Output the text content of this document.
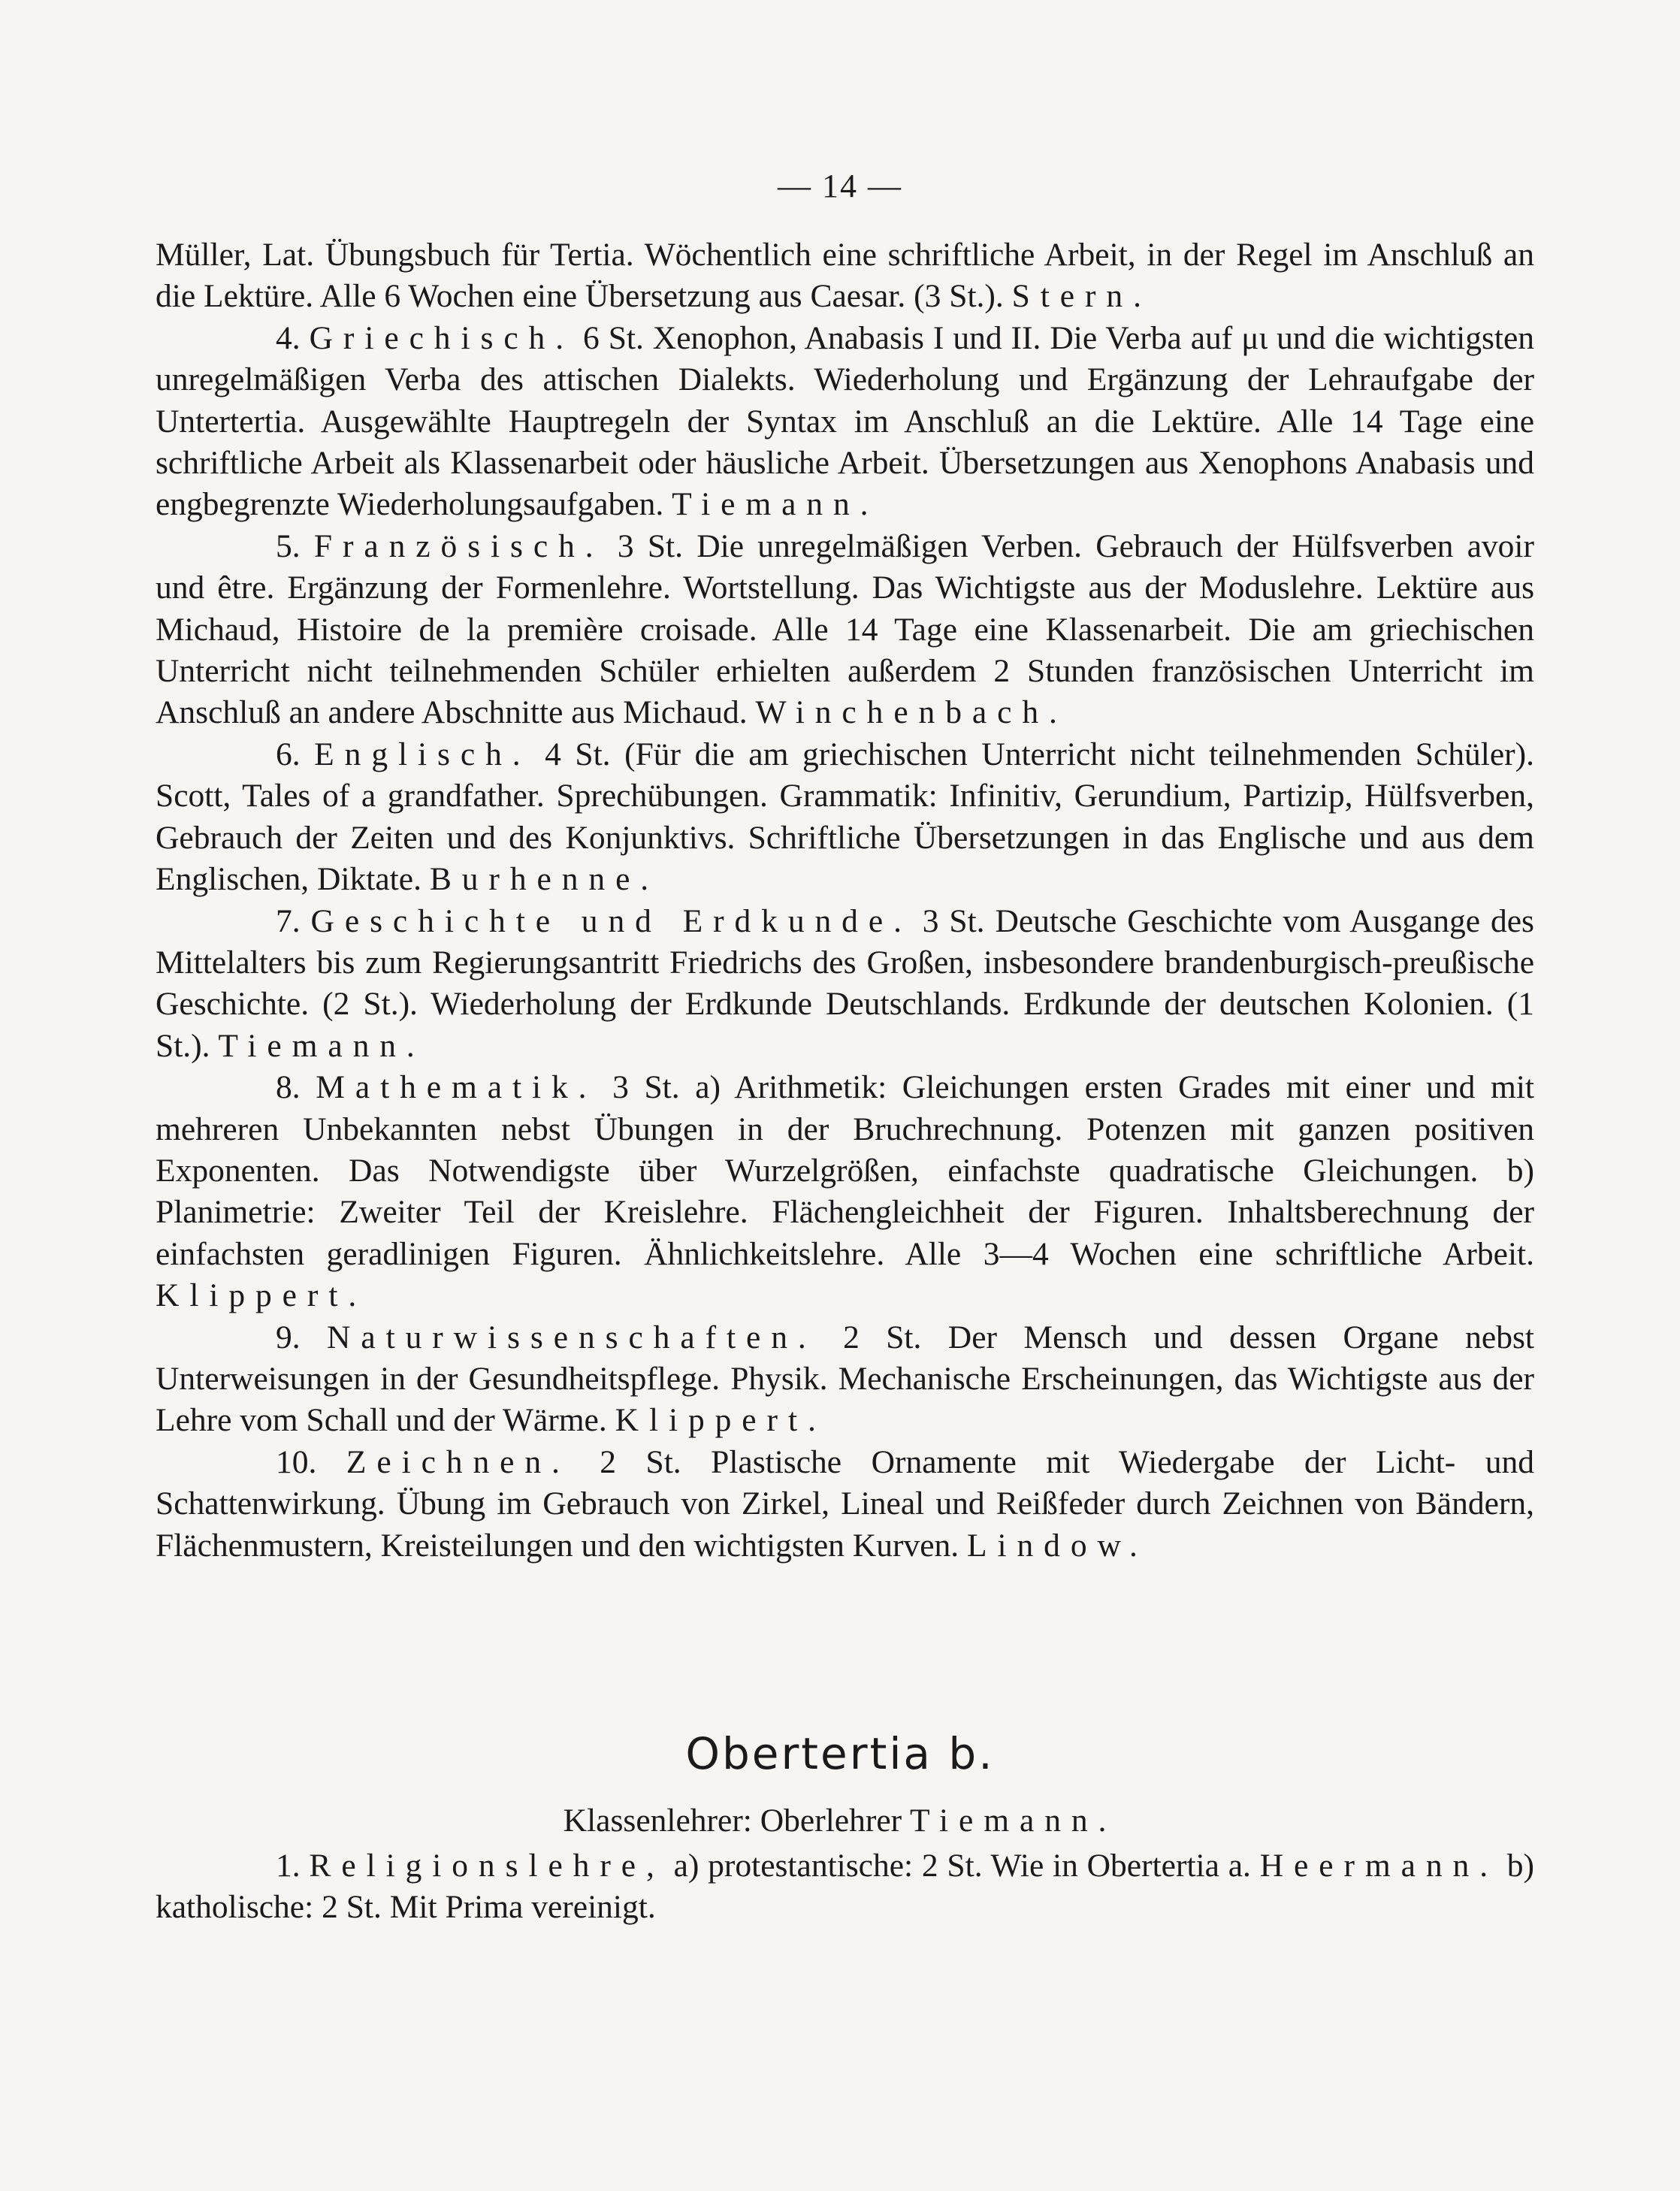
— 14 —

Müller, Lat. Übungsbuch für Tertia. Wöchentlich eine schriftliche Arbeit, in der Regel im Anschluß an die Lektüre. Alle 6 Wochen eine Übersetzung aus Caesar. (3 St.). Stern.

4. Griechisch. 6 St. Xenophon, Anabasis I und II. Die Verba auf μι und die wichtigsten unregelmäßigen Verba des attischen Dialekts. Wiederholung und Ergänzung der Lehraufgabe der Untertertia. Ausgewählte Hauptregeln der Syntax im Anschluß an die Lektüre. Alle 14 Tage eine schriftliche Arbeit als Klassenarbeit oder häusliche Arbeit. Übersetzungen aus Xenophons Anabasis und engbegrenzte Wiederholungsaufgaben. Tiemann.

5. Französisch. 3 St. Die unregelmäßigen Verben. Gebrauch der Hülfsverben avoir und être. Ergänzung der Formenlehre. Wortstellung. Das Wichtigste aus der Moduslehre. Lektüre aus Michaud, Histoire de la première croisade. Alle 14 Tage eine Klassenarbeit. Die am griechischen Unterricht nicht teilnehmenden Schüler erhielten außerdem 2 Stunden französischen Unterricht im Anschluß an andere Abschnitte aus Michaud. Winchenbach.

6. Englisch. 4 St. (Für die am griechischen Unterricht nicht teilnehmenden Schüler). Scott, Tales of a grandfather. Sprechübungen. Grammatik: Infinitiv, Gerundium, Partizip, Hülfsverben, Gebrauch der Zeiten und des Konjunktivs. Schriftliche Übersetzungen in das Englische und aus dem Englischen, Diktate. Burhenne.

7. Geschichte und Erdkunde. 3 St. Deutsche Geschichte vom Ausgange des Mittelalters bis zum Regierungsantritt Friedrichs des Großen, insbesondere brandenburgisch-preußische Geschichte. (2 St.). Wiederholung der Erdkunde Deutschlands. Erdkunde der deutschen Kolonien. (1 St.). Tiemann.

8. Mathematik. 3 St. a) Arithmetik: Gleichungen ersten Grades mit einer und mit mehreren Unbekannten nebst Übungen in der Bruchrechnung. Potenzen mit ganzen positiven Exponenten. Das Notwendigste über Wurzelgrößen, einfachste quadratische Gleichungen. b) Planimetrie: Zweiter Teil der Kreislehre. Flächengleichheit der Figuren. Inhaltsberechnung der einfachsten geradlinigen Figuren. Ähnlichkeitslehre. Alle 3—4 Wochen eine schriftliche Arbeit. Klippert.

9. Naturwissenschaften. 2 St. Der Mensch und dessen Organe nebst Unterweisungen in der Gesundheitspflege. Physik. Mechanische Erscheinungen, das Wichtigste aus der Lehre vom Schall und der Wärme. Klippert.

10. Zeichnen. 2 St. Plastische Ornamente mit Wiedergabe der Licht- und Schattenwirkung. Übung im Gebrauch von Zirkel, Lineal und Reißfeder durch Zeichnen von Bändern, Flächenmustern, Kreisteilungen und den wichtigsten Kurven. Lindow.

Obertertia b.
Klassenlehrer: Oberlehrer Tiemann.

1. Religionslehre, a) protestantische: 2 St. Wie in Obertertia a. Heermann. b) katholische: 2 St. Mit Prima vereinigt.
